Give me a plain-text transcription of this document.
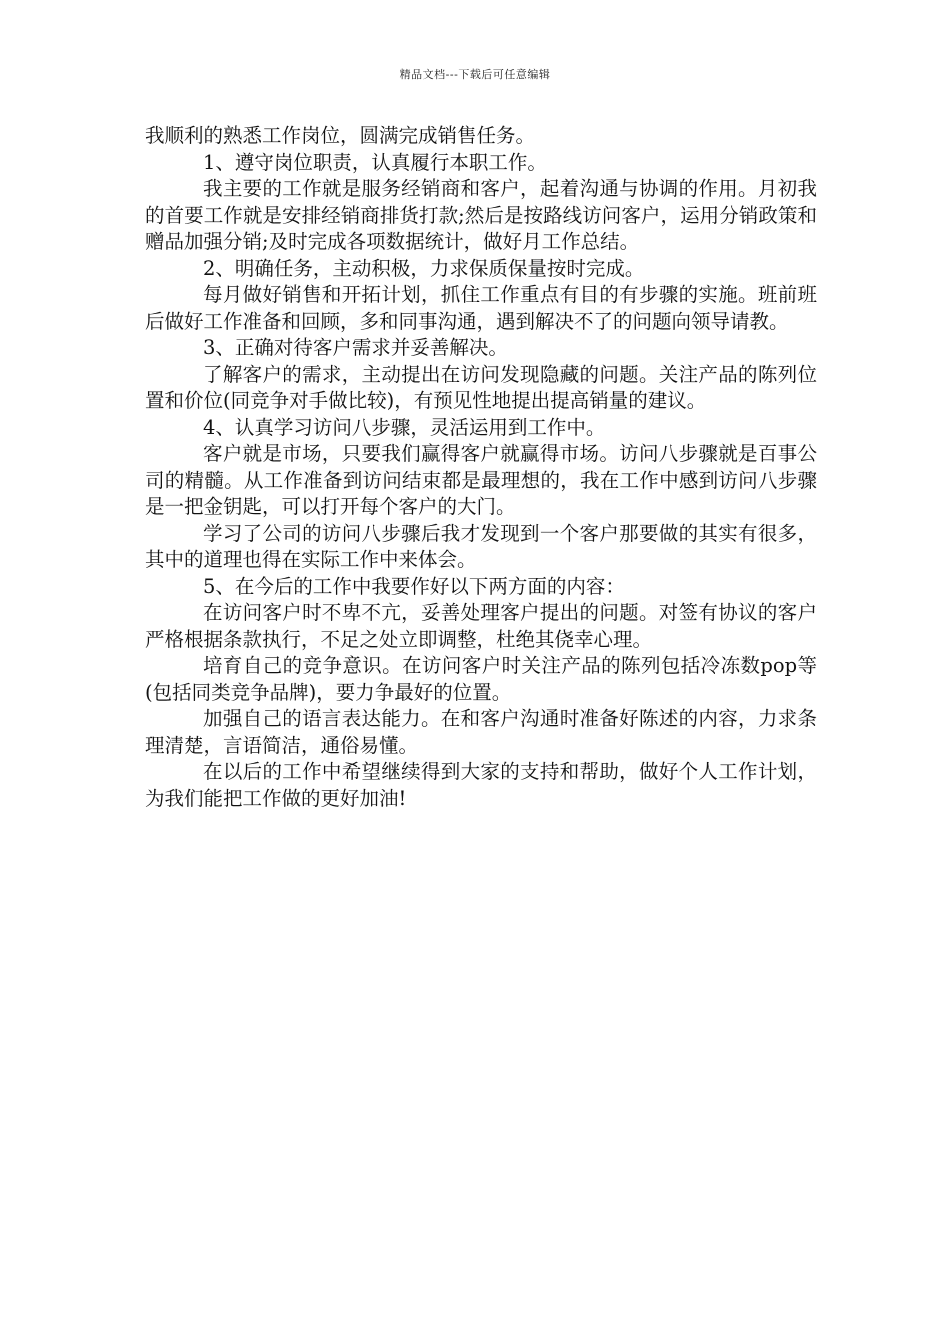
精品文档---下载后可任意编辑

我顺利的熟悉工作岗位，圆满完成销售任务。

1、遵守岗位职责，认真履行本职工作。

我主要的工作就是服务经销商和客户，起着沟通与协调的作用。月初我的首要工作就是安排经销商排货打款;然后是按路线访问客户，运用分销政策和赠品加强分销;及时完成各项数据统计，做好月工作总结。

2、明确任务，主动积极，力求保质保量按时完成。

每月做好销售和开拓计划，抓住工作重点有目的有步骤的实施。班前班后做好工作准备和回顾，多和同事沟通，遇到解决不了的问题向领导请教。

3、正确对待客户需求并妥善解决。

了解客户的需求，主动提出在访问发现隐藏的问题。关注产品的陈列位置和价位(同竞争对手做比较)，有预见性地提出提高销量的建议。

4、认真学习访问八步骤，灵活运用到工作中。

客户就是市场，只要我们赢得客户就赢得市场。访问八步骤就是百事公司的精髓。从工作准备到访问结束都是最理想的，我在工作中感到访问八步骤是一把金钥匙，可以打开每个客户的大门。

学习了公司的访问八步骤后我才发现到一个客户那要做的其实有很多，其中的道理也得在实际工作中来体会。

5、在今后的工作中我要作好以下两方面的内容：

在访问客户时不卑不亢，妥善处理客户提出的问题。对签有协议的客户严格根据条款执行，不足之处立即调整，杜绝其侥幸心理。

培育自己的竞争意识。在访问客户时关注产品的陈列包括冷冻数pop等(包括同类竞争品牌)，要力争最好的位置。

加强自己的语言表达能力。在和客户沟通时准备好陈述的内容，力求条理清楚，言语简洁，通俗易懂。

在以后的工作中希望继续得到大家的支持和帮助，做好个人工作计划，为我们能把工作做的更好加油!
